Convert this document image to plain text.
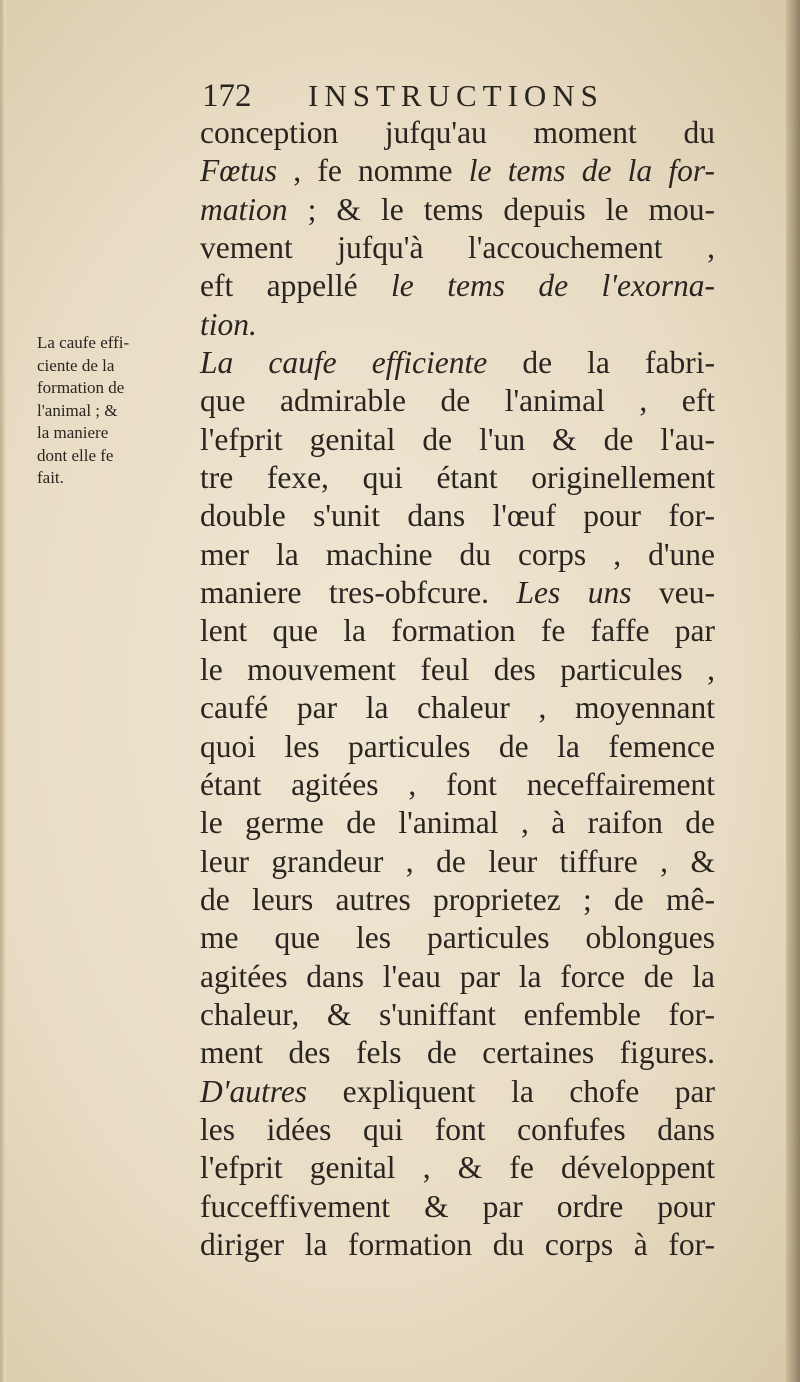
172 INSTRUCTIONS
La caufe effi-
ciente de la
formation de
l'animal ; &
la maniere
dont elle fe
fait.
conception jufqu'au moment du
Fœtus , fe nomme le tems de la for-
mation ; & le tems depuis le mou-
vement jufqu'à l'accouchement ,
eft appellé le tems de l'exorna-
tion.
La caufe efficiente de la fabri-
que admirable de l'animal , eft
l'efprit genital de l'un & de l'au-
tre fexe, qui étant originellement
double s'unit dans l'œuf pour for-
mer la machine du corps , d'une
maniere tres-obfcure. Les uns veu-
lent que la formation fe faffe par
le mouvement feul des particules ,
caufé par la chaleur , moyennant
quoi les particules de la femence
étant agitées , font neceffairement
le germe de l'animal , à raifon de
leur grandeur , de leur tiffure , &
de leurs autres proprietez ; de mê-
me que les particules oblongues
agitées dans l'eau par la force de la
chaleur, & s'uniffant enfemble for-
ment des fels de certaines figures.
D'autres expliquent la chofe par
les idées qui font confufes dans
l'efprit genital , & fe développent
fucceffivement & par ordre pour
diriger la formation du corps à for-
